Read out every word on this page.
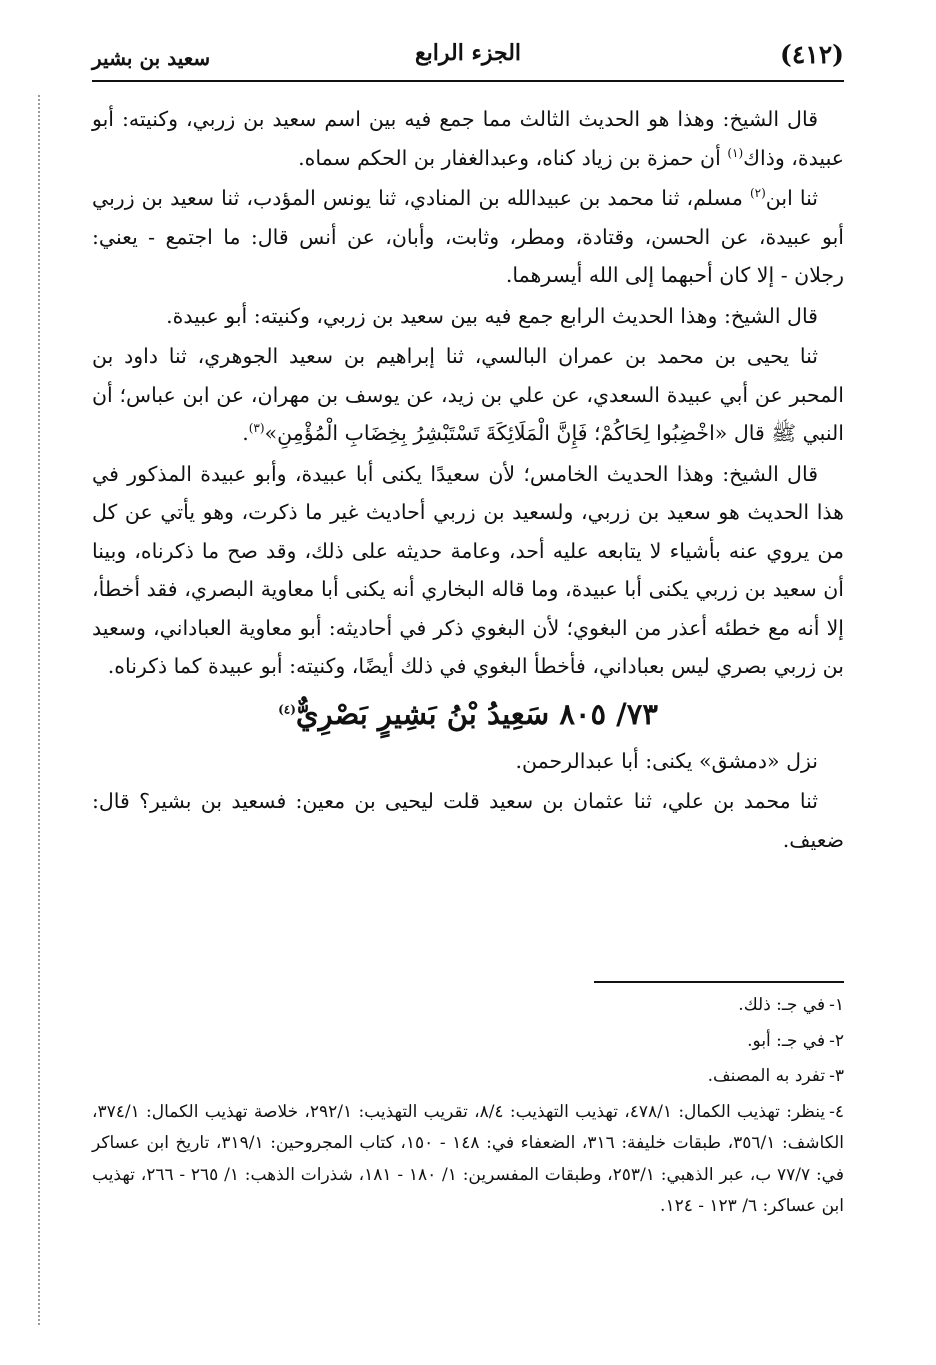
(٤١٢)
الجزء الرابع
سعيد بن بشير

قال الشيخ: وهذا هو الحديث الثالث مما جمع فيه بين اسم سعيد بن زربي، وكنيته: أبو عبيدة، وذاك$^{(١)}$ أن حمزة بن زياد كناه، وعبدالغفار بن الحكم سماه.

ثنا ابن$^{(٢)}$ مسلم، ثنا محمد بن عبيدالله بن المنادي، ثنا يونس المؤدب، ثنا سعيد بن زربي أبو عبيدة، عن الحسن، وقتادة، ومطر، وثابت، وأبان، عن أنس قال: ما اجتمع - يعني: رجلان - إلا كان أحبهما إلى الله أيسرهما.

قال الشيخ: وهذا الحديث الرابع جمع فيه بين سعيد بن زربي، وكنيته: أبو عبيدة.

ثنا يحيى بن محمد بن عمران البالسي، ثنا إبراهيم بن سعيد الجوهري، ثنا داود بن المحبر عن أبي عبيدة السعدي، عن علي بن زيد، عن يوسف بن مهران، عن ابن عباس؛ أن النبي ﷺ قال «اخْضِبُوا لِحَاكُمْ؛ فَإِنَّ الْمَلَائِكَةَ تَسْتَبْشِرُ بِخِضَابِ الْمُؤْمِنِ»$^{(٣)}$.

قال الشيخ: وهذا الحديث الخامس؛ لأن سعيدًا يكنى أبا عبيدة، وأبو عبيدة المذكور في هذا الحديث هو سعيد بن زربي، ولسعيد بن زربي أحاديث غير ما ذكرت، وهو يأتي عن كل من يروي عنه بأشياء لا يتابعه عليه أحد، وعامة حديثه على ذلك، وقد صح ما ذكرناه، وبينا أن سعيد بن زربي يكنى أبا عبيدة، وما قاله البخاري أنه يكنى أبا معاوية البصري، فقد أخطأ، إلا أنه مع خطئه أعذر من البغوي؛ لأن البغوي ذكر في أحاديثه: أبو معاوية العباداني، وسعيد بن زربي بصري ليس بعباداني، فأخطأ البغوي في ذلك أيضًا، وكنيته: أبو عبيدة كما ذكرناه.

٧٣/ ٨٠٥ سَعِيدُ بْنُ بَشِيرٍ بَصْرِيٌّ$^{(٤)}$

نزل «دمشق» يكنى: أبا عبدالرحمن.

ثنا محمد بن علي، ثنا عثمان بن سعيد قلت ليحيى بن معين: فسعيد بن بشير؟ قال: ضعيف.

١-في جـ: ذلك.

٢-في جـ: أبو.

٣-تفرد به المصنف.

٤-ينظر: تهذيب الكمال: ٤٧٨/١، تهذيب التهذيب: ٨/٤، تقريب التهذيب: ٢٩٢/١، خلاصة تهذيب الكمال: ٣٧٤/١، الكاشف: ٣٥٦/١، طبقات خليفة: ٣١٦، الضعفاء في: ١٤٨ - ١٥٠، كتاب المجروحين: ٣١٩/١، تاريخ ابن عساكر في: ٧٧/٧ ب، عبر الذهبي: ٢٥٣/١، وطبقات المفسرين: ١/ ١٨٠ - ١٨١، شذرات الذهب: ١/ ٢٦٥ - ٢٦٦، تهذيب ابن عساكر: ٦/ ١٢٣ - ١٢٤.
